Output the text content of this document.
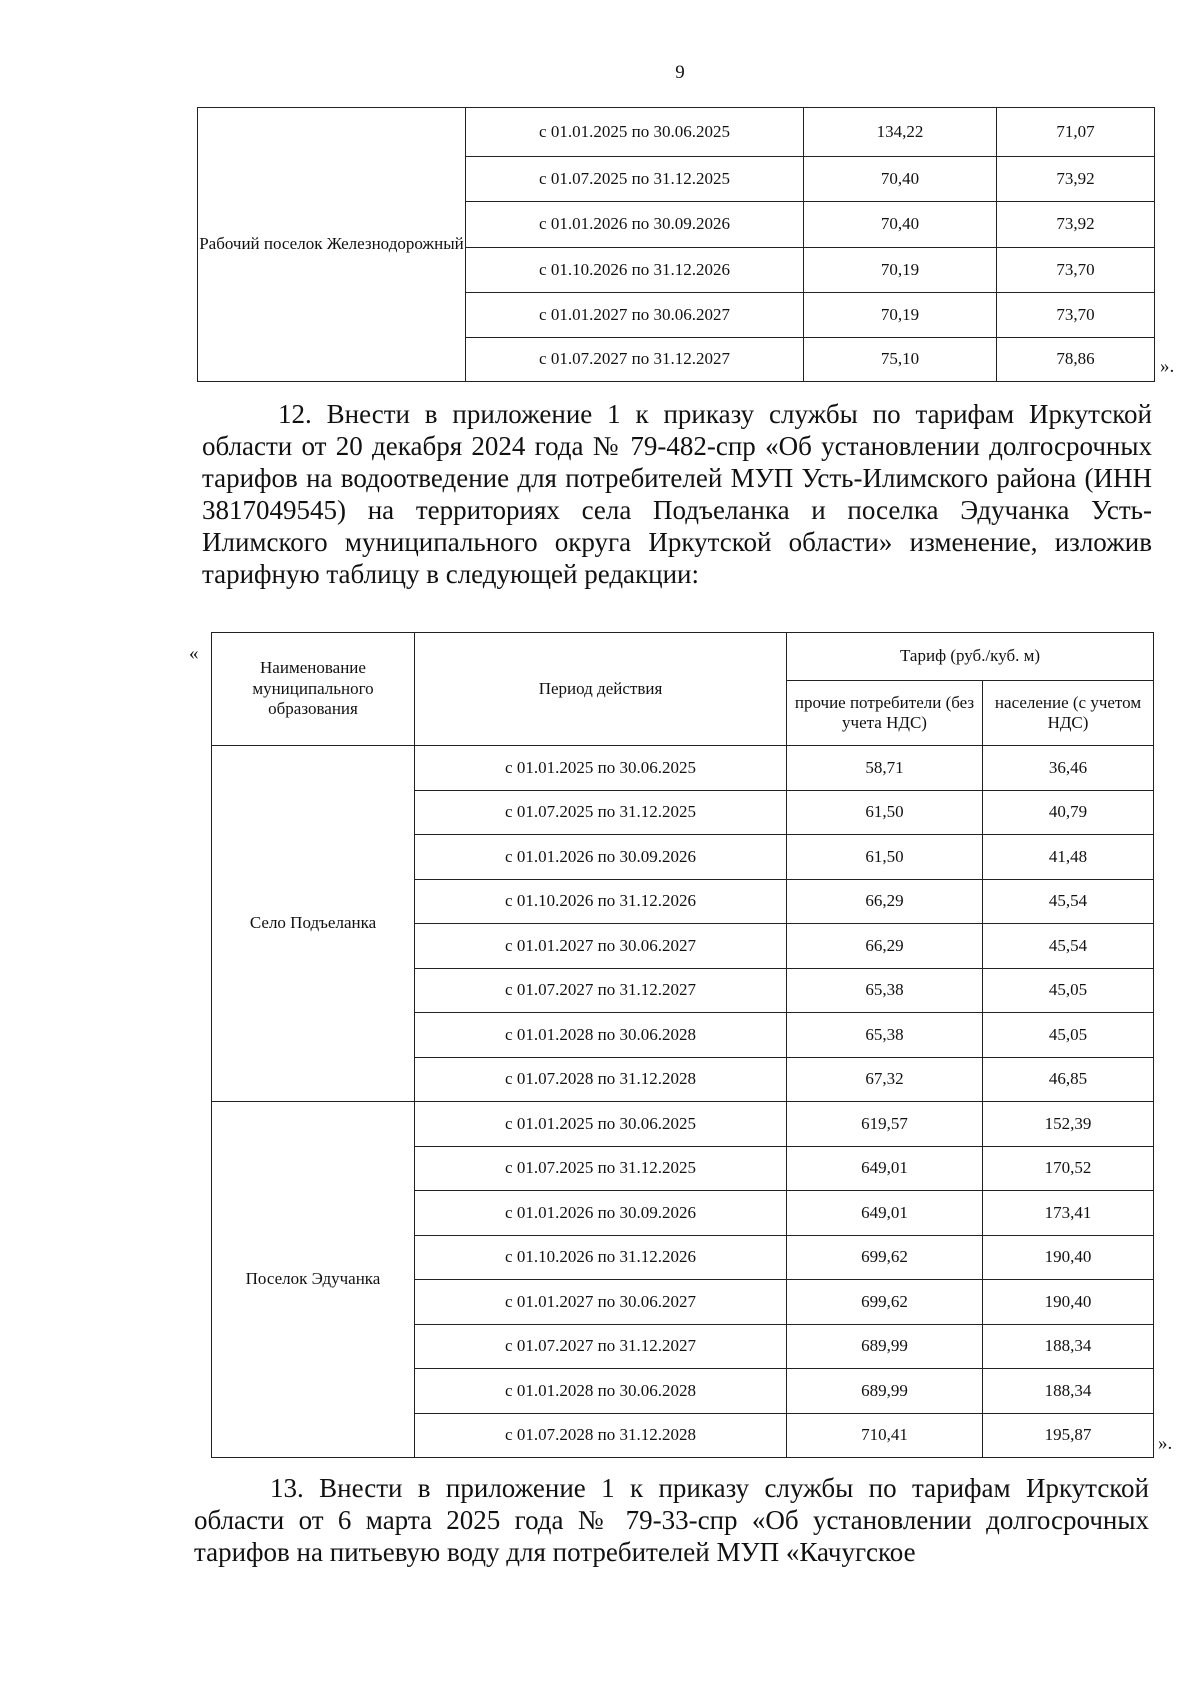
9
Рабочий поселок Железнодорожный	с 01.01.2025 по 30.06.2025	134,22	71,07
	с 01.07.2025 по 31.12.2025	70,40	73,92
	с 01.01.2026 по 30.09.2026	70,40	73,92
	с 01.10.2026 по 31.12.2026	70,19	73,70
	с 01.01.2027 по 30.06.2027	70,19	73,70
	с 01.07.2027 по 31.12.2027	75,10	78,86	».

12. Внести в приложение 1 к приказу службы по тарифам Иркутской области от 20 декабря 2024 года № 79-482-спр «Об установлении долгосрочных тарифов на водоотведение для потребителей МУП Усть-Илимского района (ИНН 3817049545) на территориях села Подъеланка и поселка Эдучанка Усть-Илимского муниципального округа Иркутской области» изменение, изложив тарифную таблицу в следующей редакции:

«
Наименование муниципального образования	Период действия	Тариф (руб./куб. м)	
		прочие потребители (без учета НДС)	население (с учетом НДС)
Село Подъеланка	с 01.01.2025 по 30.06.2025	58,71	36,46
	с 01.07.2025 по 31.12.2025	61,50	40,79
	с 01.01.2026 по 30.09.2026	61,50	41,48
	с 01.10.2026 по 31.12.2026	66,29	45,54
	с 01.01.2027 по 30.06.2027	66,29	45,54
	с 01.07.2027 по 31.12.2027	65,38	45,05
	с 01.01.2028 по 30.06.2028	65,38	45,05
	с 01.07.2028 по 31.12.2028	67,32	46,85
Поселок Эдучанка	с 01.01.2025 по 30.06.2025	619,57	152,39
	с 01.07.2025 по 31.12.2025	649,01	170,52
	с 01.01.2026 по 30.09.2026	649,01	173,41
	с 01.10.2026 по 31.12.2026	699,62	190,40
	с 01.01.2027 по 30.06.2027	699,62	190,40
	с 01.07.2027 по 31.12.2027	689,99	188,34
	с 01.01.2028 по 30.06.2028	689,99	188,34
	с 01.07.2028 по 31.12.2028	710,41	195,87	».

13. Внести в приложение 1 к приказу службы по тарифам Иркутской области от 6 марта 2025 года № 79-33-спр «Об установлении долгосрочных тарифов на питьевую воду для потребителей МУП «Качугское
